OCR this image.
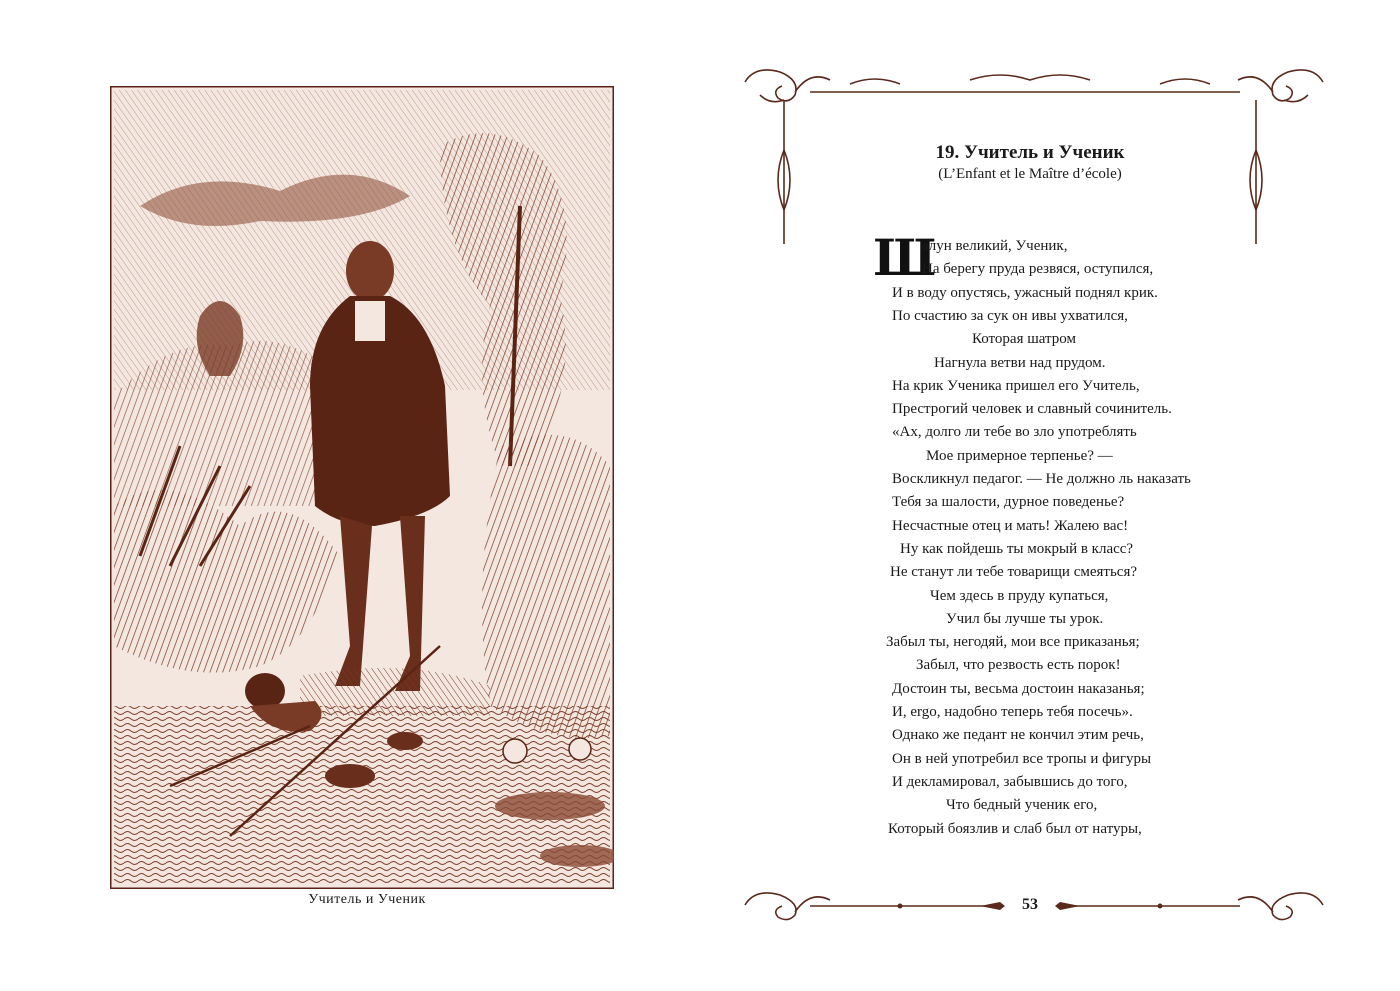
Учитель и Ученик
19. Учитель и Ученик
(L’Enfant et le Maître d’école)
Ш
алун великий, Ученик,
На берегу пруда резвяся, оступился,
И в воду опустясь, ужасный поднял крик.
По счастию за сук он ивы ухватился,
Которая шатром
Нагнула ветви над прудом.
На крик Ученика пришел его Учитель,
Престрогий человек и славный сочинитель.
«Ах, долго ли тебе во зло употреблять
Мое примерное терпенье? —
Воскликнул педагог. — Не должно ль наказать
Тебя за шалости, дурное поведенье?
Несчастные отец и мать! Жалею вас!
Ну как пойдешь ты мокрый в класс?
Не станут ли тебе товарищи смеяться?
Чем здесь в пруду купаться,
Учил бы лучше ты урок.
Забыл ты, негодяй, мои все приказанья;
Забыл, что резвость есть порок!
Достоин ты, весьма достоин наказанья;
И, ergo, надобно теперь тебя посечь».
Однако же педант не кончил этим речь,
Он в ней употребил все тропы и фигуры
И декламировал, забывшись до того,
Что бедный ученик его,
Который боязлив и слаб был от натуры,
53
